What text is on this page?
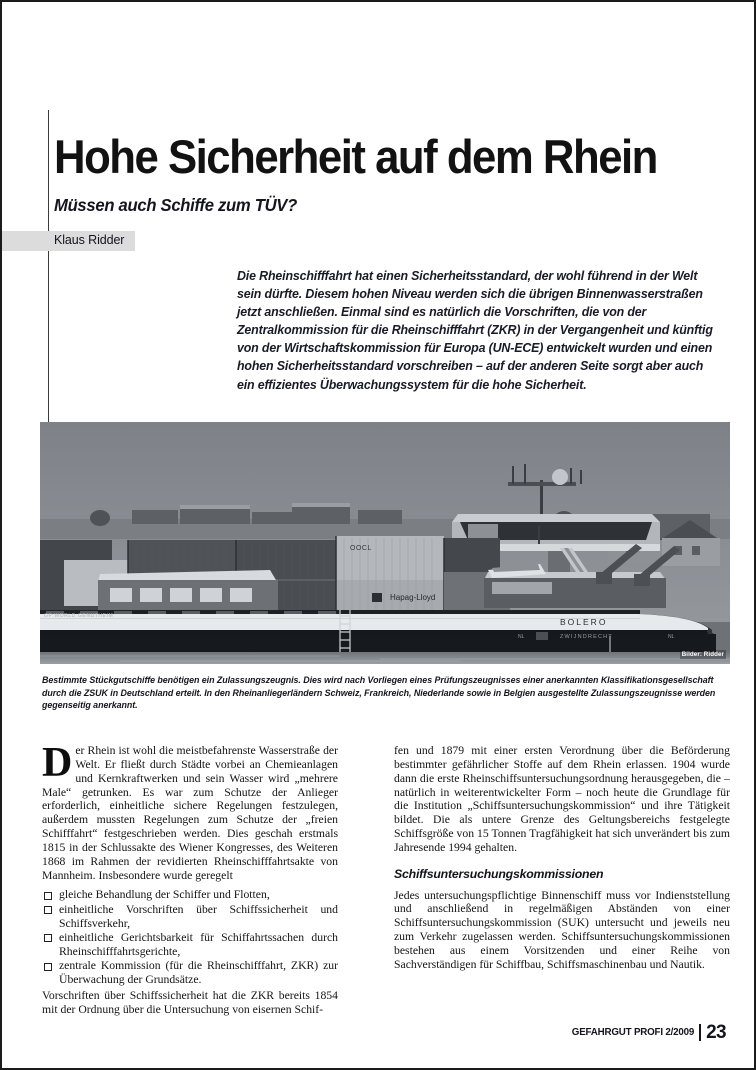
Klaus Ridder
Hohe Sicherheit auf dem Rhein
Müssen auch Schiffe zum TÜV?
Die Rheinschifffahrt hat einen Sicherheitsstandard, der wohl führend in der Welt sein dürfte. Diesem hohen Niveau werden sich die übrigen Binnenwasserstraßen jetzt anschließen. Einmal sind es natürlich die Vorschriften, die von der Zentralkommission für die Rheinschifffahrt (ZKR) in der Vergangenheit und künftig von der Wirtschaftskommission für Europa (UN-ECE) entwickelt wurden und einen hohen Sicherheitsstandard vorschreiben – auf der anderen Seite sorgt aber auch ein effizientes Überwachungssystem für die hohe Sicherheit.
OOCL
Hapag-Lloyd
BOLERO
ZWIJNDRECHT
NL	NL
GP WORLD GENUTHEIM
Bilder: Ridder
Bestimmte Stückgutschiffe benötigen ein Zulassungszeugnis. Dies wird nach Vorliegen eines Prüfungszeugnisses einer anerkannten Klassifikationsgesellschaft durch die ZSUK in Deutschland erteilt. In den Rheinanliegerländern Schweiz, Frankreich, Niederlande sowie in Belgien ausgestellte Zulassungszeugnisse werden gegenseitig anerkannt.

Der Rhein ist wohl die meistbefahrenste Wasserstraße der Welt. Er fließt durch Städte vorbei an Chemieanlagen und Kernkraftwerken und sein Wasser wird „mehrere Male“ getrunken. Es war zum Schutze der Anlieger erforderlich, einheitliche sichere Regelungen festzulegen, außerdem mussten Regelungen zum Schutze der „freien Schifffahrt“ festgeschrieben werden. Dies geschah erstmals 1815 in der Schlussakte des Wiener Kongresses, des Weiteren 1868 im Rahmen der revidierten Rheinschifffahrtsakte von Mannheim. Insbesondere wurde geregelt

gleiche Behandlung der Schiffer und Flotten,
einheitliche Vorschriften über Schiffssicherheit und Schiffsverkehr,
einheitliche Gerichtsbarkeit für Schiffahrtssachen durch Rheinschifffahrtsgerichte,
zentrale Kommission (für die Rheinschifffahrt, ZKR) zur Überwachung der Grundsätze.

Vorschriften über Schiffssicherheit hat die ZKR bereits 1854 mit der Ordnung über die Untersuchung von eisernen Schif-

fen und 1879 mit einer ersten Verordnung über die Beförderung bestimmter gefährlicher Stoffe auf dem Rhein erlassen. 1904 wurde dann die erste Rheinschiffsuntersuchungsordnung herausgegeben, die – natürlich in weiterentwickelter Form – noch heute die Grundlage für die Institution „Schiffsuntersuchungskommission“ und ihre Tätigkeit bildet. Die als untere Grenze des Geltungsbereichs festgelegte Schiffsgröße von 15 Tonnen Tragfähigkeit hat sich unverändert bis zum Jahresende 1994 gehalten.

Schiffsuntersuchungskommissionen

Jedes untersuchungspflichtige Binnenschiff muss vor Indienststellung und anschließend in regelmäßigen Abständen von einer Schiffsuntersuchungskommission (SUK) untersucht und jeweils neu zum Verkehr zugelassen werden. Schiffsuntersuchungskommissionen bestehen aus einem Vorsitzenden und einer Reihe von Sachverständigen für Schiffbau, Schiffsmaschinenbau und Nautik.

GEFAHRGUT PROFI 2/2009 23
